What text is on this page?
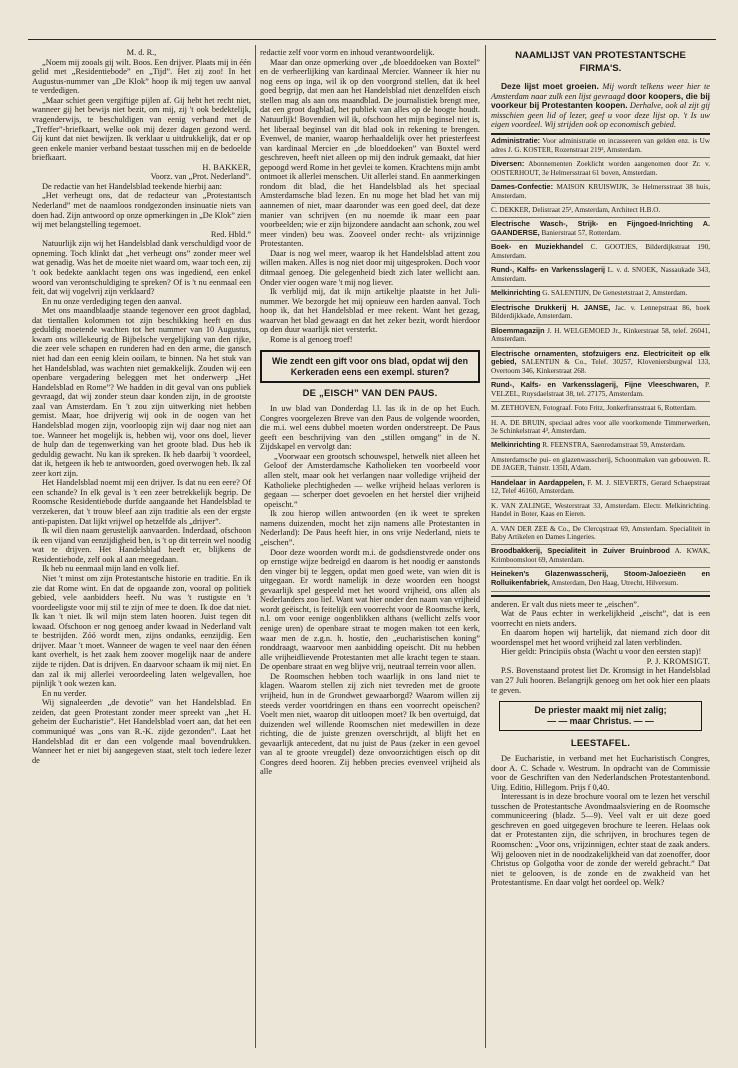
M. d. R.,

„Noem mij zooals gij wilt. Boos. Een drijver. Plaats mij in één gelid met „Residentiebode” en „Tijd”. Het zij zoo! In het Augustus-nummer van „De Klok” hoop ik mij tegen uw aanval te verdedigen.

„Maar schiet geen vergiftige pijlen af. Gij hebt het recht niet, wanneer gij het bewijs niet bezit, om mij, zij 't ook bedektelijk, vragenderwijs, te beschuldigen van eenig verband met de „Treffer”-briefkaart, welke ook mij dezer dagen gezond werd. Gij kunt dat niet bewijzen. Ik verklaar u uitdrukkelijk, dat er op geen enkele manier verband bestaat tusschen mij en de bedoelde briefkaart.

H. BAKKER,

Voorz. van „Prot. Nederland”.

De redactie van het Handelsblad teekende hierbij aan:

„Het verheugt ons, dat de redacteur van „Protestantsch Nederland” met de naamloos rondgezonden insinuatie niets van doen had. Zijn antwoord op onze opmerkingen in „De Klok” zien wij met belangstelling tegemoet.

Red. Hbld.”

Natuurlijk zijn wij het Handelsblad dank verschuldigd voor de opneming. Toch klinkt dat „het verheugt ons” zonder meer wel wat genadig. Was het de moeite niet waard om, waar toch een, zij 't ook bedekte aanklacht tegen ons was ingediend, een enkel woord van verontschuldiging te spreken? Of is 't nu eenmaal een feit, dat wij vogelvrij zijn verklaard?

En nu onze verdediging tegen den aanval.

Met ons maandblaadje staande tegenover een groot dagblad, dat tientallen kolommen tot zijn beschikking heeft en dus geduldig moetende wachten tot het nummer van 10 Augustus, kwam ons willekeurig de Bijbelsche vergelijking van den rijke, die zeer vele schapen en runderen had en den arme, die gansch niet had dan een eenig klein ooilam, te binnen. Na het stuk van het Handelsblad, was wachten niet gemakkelijk. Zouden wij een openbare vergadering beleggen met het onderwerp „Het Handelsblad en Rome”? We hadden in dit geval van ons publiek gevraagd, dat wij zonder steun daar konden zijn, in de grootste zaal van Amsterdam. En 't zou zijn uitwerking niet hebben gemist. Maar, hoe drijverig wij ook in de oogen van het Handelsblad mogen zijn, voorloopig zijn wij daar nog niet aan toe. Wanneer het mogelijk is, hebben wij, voor ons doel, liever de hulp dan de tegenwerking van het groote blad. Dus heb ik geduldig gewacht. Nu kan ik spreken. Ik heb daarbij 't voordeel, dat ik, hetgeen ik heb te antwoorden, goed overwogen heb. Ik zal zeer kort zijn.

Het Handelsblad noemt mij een drijver. Is dat nu een eere? Of een schande? In elk geval is 't een zeer betrekkelijk begrip. De Roomsche Residentiebode durfde aangaande het Handelsblad te verzekeren, dat 't trouw bleef aan zijn traditie als een der ergste anti-papisten. Dat lijkt vrijwel op hetzelfde als „drijver”.

Ik wil dien naam gerustelijk aanvaarden. Inderdaad, ofschoon ik een vijand van eenzijdigheid ben, is 't op dit terrein wel noodig wat te drijven. Het Handelsblad heeft er, blijkens de Residentiebode, zelf ook al aan meegedaan.

Ik heb nu eenmaal mijn land en volk lief.

Niet 't minst om zijn Protestantsche historie en traditie. En ik zie dat Rome wint. En dat de opgaande zon, vooral op politiek gebied, vele aanbidders heeft. Nu was 't rustigste en 't voordeeligste voor mij stil te zijn of mee te doen. Ik doe dat niet. Ik kan 't niet. Ik wil mijn stem laten hooren. Juist tegen dit kwaad. Ofschoon er nog genoeg ander kwaad in Nederland valt te bestrijden. Zóó wordt men, zijns ondanks, eenzijdig. Een drijver. Maar 't moet. Wanneer de wagen te veel naar den éénen kant overhelt, is het zaak hem zoover mogelijk naar de andere zijde te rijden. Dat is drijven. En daarvoor schaam ik mij niet. En dan zal ik mij allerlei veroordeeling laten welgevallen, hoe pijnlijk 't ook wezen kan.

En nu verder.

Wij signaleerden „de devotie” van het Handelsblad. En zeiden, dat geen Protestant zonder meer spreekt van „het H. geheim der Eucharistie”. Het Handelsblad voert aan, dat het een communiqué was „ons van R.-K. zijde gezonden”. Laat het Handelsblad dit er dan een volgende maal bovendrukken. Wanneer het er niet bij aangegeven staat, stelt toch iedere lezer de

redactie zelf voor vorm en inhoud verantwoordelijk.

Maar dan onze opmerking over „de bloeddoeken van Boxtel” en de verheerlijking van kardinaal Mercier. Wanneer ik hier nu nog eens op inga, wil ik op den voorgrond stellen, dat ik heel goed begrijp, dat men aan het Handelsblad niet denzelfden eisch stellen mag als aan ons maandblad. De journalistiek brengt mee, dat een groot dagblad, het publiek van alles op de hoogte houdt. Natuurlijk! Bovendien wil ik, ofschoon het mijn beginsel niet is, het liberaal beginsel van dit blad ook in rekening te brengen. Evenwel, de manier, waarop herhaaldelijk over het priesterfeest van kardinaal Mercier en „de bloeddoeken” van Boxtel werd geschreven, heeft niet alleen op mij den indruk gemaakt, dat hier gepoogd werd Rome in het gevlei te komen. Krachtens mijn ambt ontmoet ik allerlei menschen. Uit allerlei stand. En aanmerkingen rondom dit blad, die het Handelsblad als het speciaal Amsterdamsche blad lezen. En nu moge het blad het van mij aannemen of niet, maar daaronder was een goed deel, dat deze manier van schrijven (en nu noemde ik maar een paar voorbeelden; wie er zijn bijzondere aandacht aan schonk, zou wel meer vinden) beu was. Zooveel onder recht- als vrijzinnige Protestanten.

Daar is nog wel meer, waarop ik het Handelsblad attent zou willen maken. Alles is nog niet door mij uitgesproken. Doch voor ditmaal genoeg. Die gelegenheid biedt zich later wellicht aan. Onder vier oogen ware 't mij nog liever.

Ik verblijd mij, dat ik mijn artikeltje plaatste in het Juli-nummer. We bezorgde het mij opnieuw een harden aanval. Toch hoop ik, dat het Handelsblad er mee rekent. Want het gezag, waarvan het blad gewaagt en dat het zeker bezit, wordt hierdoor op den duur waarlijk niet versterkt.

Rome is al genoeg troef!

Wie zendt een gift voor ons blad, opdat wij den Kerkeraden eens een exempl. sturen?
DE „EISCH” VAN DEN PAUS.

In uw blad van Donderdag l.l. las ik in de op het Euch. Congres voorgelezen Breve van den Paus de volgende woorden, die m.i. wel eens dubbel moeten worden onderstreept. De Paus geeft een beschrijving van den „stillen omgang” in de N. Zijdskapel en vervolgt dan:

„Voorwaar een grootsch schouwspel, hetwelk niet alleen het Geloof der Amsterdamsche Katholieken ten voorbeeld voor allen stelt, maar ook het verlangen naar volledige vrijheid der Katholieke plechtigheden — welke vrijheid helaas verloren is gegaan — scherper doet gevoelen en het herstel dier vrijheid opeischt.”

Ik zou hierop willen antwoorden (en ik weet te spreken namens duizenden, mocht het zijn namens alle Protestanten in Nederland): De Paus heeft hier, in ons vrije Nederland, niets te „eischen”.

Door deze woorden wordt m.i. de godsdienstvrede onder ons op ernstige wijze bedreigd en daarom is het noodig er aanstonds den vinger bij te leggen, opdat men goed wete, van wien dit is uitgegaan. Er wordt namelijk in deze woorden een hoogst gevaarlijk spel gespeeld met het woord vrijheid, ons allen als Nederlanders zoo lief. Want wat hier onder den naam van vrijheid wordt geëischt, is feitelijk een voorrecht voor de Roomsche kerk, n.l. om voor eenige oogenblikken althans (wellicht zelfs voor eenige uren) de openbare straat te mogen maken tot een kerk, waar men de z.g.n. h. hostie, den „eucharistischen koning” ronddraagt, waarvoor men aanbidding opeischt. Dit nu hebben alle vrijheidlievende Protestanten met alle kracht tegen te staan. De openbare straat en weg blijve vrij, neutraal terrein voor allen.

De Roomschen hebben toch waarlijk in ons land niet te klagen. Waarom stellen zij zich niet tevreden met de groote vrijheid, hun in de Grondwet gewaarborgd? Waarom willen zij steeds verder voortdringen en thans een voorrecht opeischen? Voelt men niet, waarop dit uitloopen moet? Ik ben overtuigd, dat duizenden wel willende Roomschen niet medewillen in deze richting, die de juiste grenzen overschrijdt, al blijft het en gevaarlijk antecedent, dat nu juist de Paus (zeker in een gevoel van al te groote vreugdel) deze onvoorzichtigen eisch op dit Congres deed hooren. Zij hebben precies evenveel vrijheid als alle

NAAMLIJST VAN PROTESTANTSCHE
FIRMA'S.

Deze lijst moet groeien. Mij wordt telkens weer hier te Amsterdam naar zulk een lijst gevraagd door koopers, die bij voorkeur bij Protestanten koopen. Derhalve, ook al zijt gij misschien geen lid of lezer, geef u voor deze lijst op. 't Is uw eigen voordeel. Wij strijden ook op economisch gebied.

Administratie: Voor administratie en incasseeren van gelden enz. is Uw adres J. G. KOSTER, Rozenstraat 219², Amsterdam.
Diversen: Abonnementen Zoeklicht worden aangenomen door Zr. v. OOSTERHOUT, 3e Helmersstraat 61 boven, Amsterdam.
Dames-Confectie: MAISON KRUISWIJK, 3e Helmersstraat 38 huis, Amsterdam.
C. DEKKER, Delistraat 25², Amsterdam, Architect H.B.O.
Electrische Wasch-, Strijk- en Fijngoed-Inrichting A. GAANDERSE, Banierstraat 57, Rotterdam.
Boek- en Muziekhandel C. GOOTJES, Bilderdijkstraat 190, Amsterdam.
Rund-, Kalfs- en Varkensslagerij L. v. d. SNOEK, Nassaukade 343, Amsterdam.
Melkinrichting G. SALENTIJN, De Genestetstraat 2, Amsterdam.
Electrische Drukkerij H. JANSE, Jac. v. Lennepstraat 86, hoek Bilderdijkkade, Amsterdam.
Bloemmagazijn J. H. WELGEMOED Jr., Kinkerstraat 58, telef. 26041, Amsterdam.
Electrische ornamenten, stofzuigers enz. Electriciteit op elk gebied, SALENTIJN & Co., Telef. 30257, Kloveniersburgwal 133, Overtoom 346, Kinkerstraat 268.
Rund-, Kalfs- en Varkensslagerij, Fijne Vleeschwaren, P. VELZEL, Ruysdaelstraat 38, tel. 27175, Amsterdam.
M. ZETHOVEN, Fotograaf. Foto Fritz, Jonkerfransstraat 6, Rotterdam.
H. A. DE BRUIN, speciaal adres voor alle voorkomende Timmerwerken, 3e Schinkelstraat 4³, Amsterdam.
Melkinrichting R. FEENSTRA, Saenredamstraat 59, Amsterdam.
Amsterdamsche pui- en glazenwasscherij, Schoonmaken van gebouwen. R. DE JAGER, Tuinstr. 135II, A'dam.
Handelaar in Aardappelen, F. M. J. SIEVERTS, Gerard Schaepstraat 12, Telef 46160, Amsterdam.
K. VAN ZALINGE, Westerstraat 33, Amsterdam. Electr. Melkinrichting. Handel in Boter, Kaas en Eieren.
A. VAN DER ZEE & Co., De Clercqstraat 69, Amsterdam. Specialiteit in Baby Artikelen en Dames Lingeries.
Broodbakkerij, Specialiteit in Zuiver Bruinbrood A. KWAK, Krimboomsloot 69, Amsterdam.
Heineken's Glazenwasscherij, Stoom-Jaloezieën en Rolluikenfabriek, Amsterdam, Den Haag, Utrecht, Hilversum.

anderen. Er valt dus niets meer te „eischen”.

Wat de Paus echter in werkelijkheid „eischt”, dat is een voorrecht en niets anders.

En daarom hopen wij hartelijk, dat niemand zich door dit woordenspel met het woord vrijheid zal laten verblinden.

Hier geldt: Principiis obsta (Wacht u voor den eersten stap)!

P. J. KROMSIGT.

P.S. Bovenstaand protest liet Dr. Kromsigt in het Handelsblad van 27 Juli hooren. Belangrijk genoeg om het ook hier een plaats te geven.

De priester maakt mij niet zalig;
— — maar Christus. — —
LEESTAFEL.

De Eucharistie, in verband met het Eucharistisch Congres, door A. C. Schade v. Westrum. In opdracht van de Commissie voor de Geschriften van den Nederlandschen Protestantenbond. Uitg. Editio, Hillegom. Prijs f 0,40.

Interessant is in deze brochure vooral om te lezen het verschil tusschen de Protestantsche Avondmaalsviering en de Roomsche communiceering (bladz. 5—9). Veel valt er uit deze goed geschreven en goed uitgegeven brochure te leeren. Helaas ook dat er Protestanten zijn, die schrijven, in brochures tegen de Roomschen: „Voor ons, vrijzinnigen, echter staat de zaak anders. Wij gelooven niet in de noodzakelijkheid van dat zoenoffer, door Christus op Golgotha voor de zonde der wereld gebracht.” Dat niet te gelooven, is de zonde en de zwakheid van het Protestantisme. En daar volgt het oordeel op. Welk?
